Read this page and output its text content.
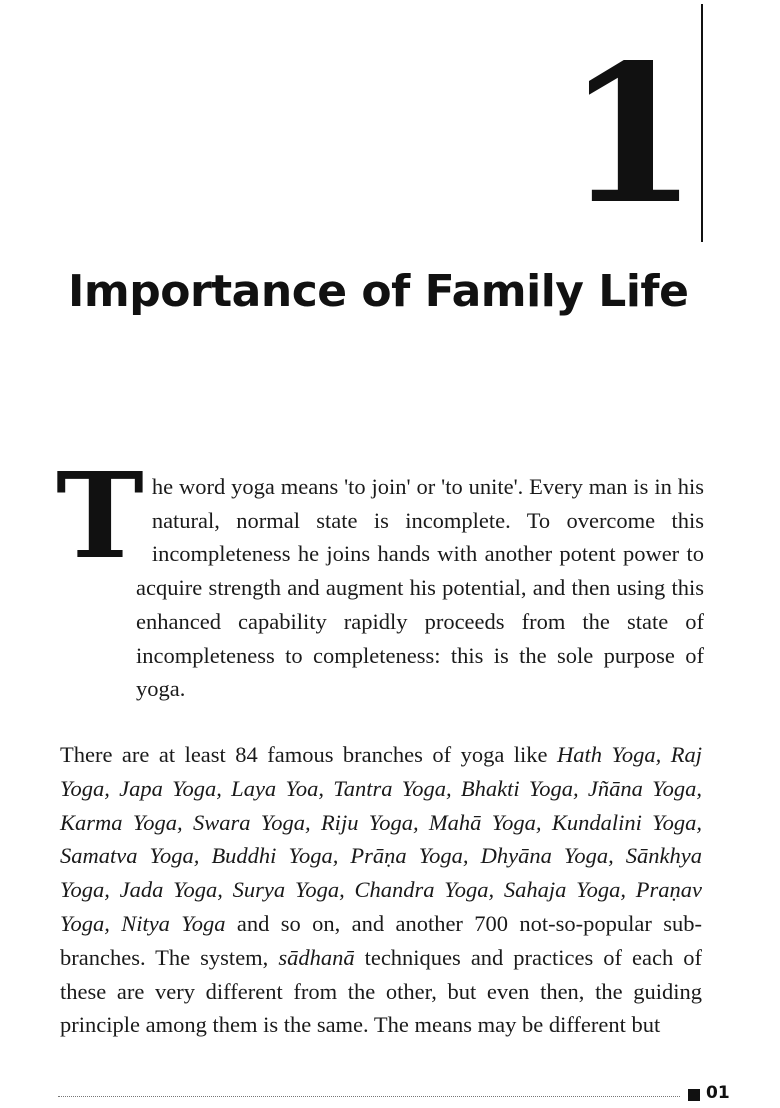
1
Importance of Family Life
T he word yoga means 'to join' or 'to unite'. Every man is in his natural, normal state is incomplete. To overcome this incompleteness he joins hands with another potent power to acquire strength and augment his potential, and then using this enhanced capability rapidly proceeds from the state of incompleteness to completeness: this is the sole purpose of yoga.

There are at least 84 famous branches of yoga like Hath Yoga, Raj Yoga, Japa Yoga, Laya Yoa, Tantra Yoga, Bhakti Yoga, Jñāna Yoga, Karma Yoga, Swara Yoga, Riju Yoga, Mahā Yoga, Kundalini Yoga, Samatva Yoga, Buddhi Yoga, Prāṇa Yoga, Dhyāna Yoga, Sānkhya Yoga, Jada Yoga, Surya Yoga, Chandra Yoga, Sahaja Yoga, Praṇav Yoga, Nitya Yoga and so on, and another 700 not-so-popular sub-branches. The system, sādhanā techniques and practices of each of these are very different from the other, but even then, the guiding principle among them is the same. The means may be different but

01
